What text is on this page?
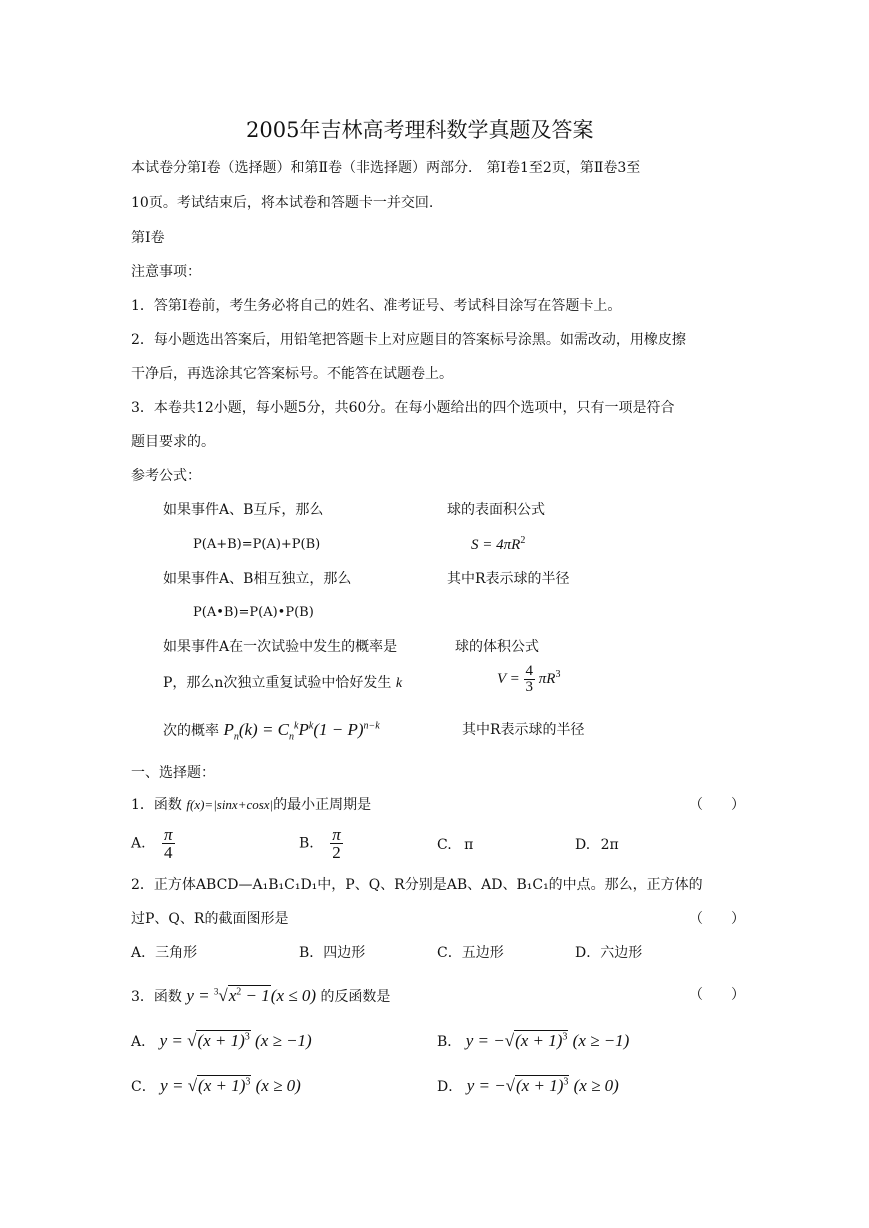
2005年吉林高考理科数学真题及答案
本试卷分第Ⅰ卷（选择题）和第Ⅱ卷（非选择题）两部分． 第Ⅰ卷1至2页，第Ⅱ卷3至
10页。考试结束后，将本试卷和答题卡一并交回.
第Ⅰ卷
注意事项：
1．答第Ⅰ卷前，考生务必将自己的姓名、准考证号、考试科目涂写在答题卡上。
2．每小题选出答案后，用铅笔把答题卡上对应题目的答案标号涂黑。如需改动，用橡皮擦
干净后，再选涂其它答案标号。不能答在试题卷上。
3．本卷共12小题，每小题5分，共60分。在每小题给出的四个选项中，只有一项是符合
题目要求的。
参考公式：
如果事件A、B互斥，那么	球的表面积公式
P(A+B)=P(A)+P(B)	$S = 4\pi R^2$
如果事件A、B相互独立，那么	其中R表示球的半径
P(A•B)=P(A)•P(B)
如果事件A在一次试验中发生的概率是	球的体积公式
P，那么n次独立重复试验中恰好发生 k	$V = \frac{4}{3} \pi R^3$
次的概率 $P_n(k) = C_n^kP^k(1 - P)^{n-k}$	其中R表示球的半径
一、选择题：
1．函数 f(x)=|sinx+cosx|的最小正周期是	（　　）
A. $\frac{\pi}{4}$	B. $\frac{\pi}{2}$	C. π	D. 2π
2．正方体ABCD—A₁B₁C₁D₁中，P、Q、R分别是AB、AD、B₁C₁的中点。那么，正方体的
过P、Q、R的截面图形是	（　　）
A．三角形	B．四边形	C．五边形	D．六边形
3．函数 $y = ^3√x^2 - 1(x \le 0)$ 的反函数是	（　　）
A． $y = √(x + 1)^3$ (x ≥ −1)	B． $y = -√(x + 1)^3$ (x ≥ −1)
C． $y = √(x + 1)^3$ (x ≥ 0)	D． $y = -√(x + 1)^3$ (x ≥ 0)
